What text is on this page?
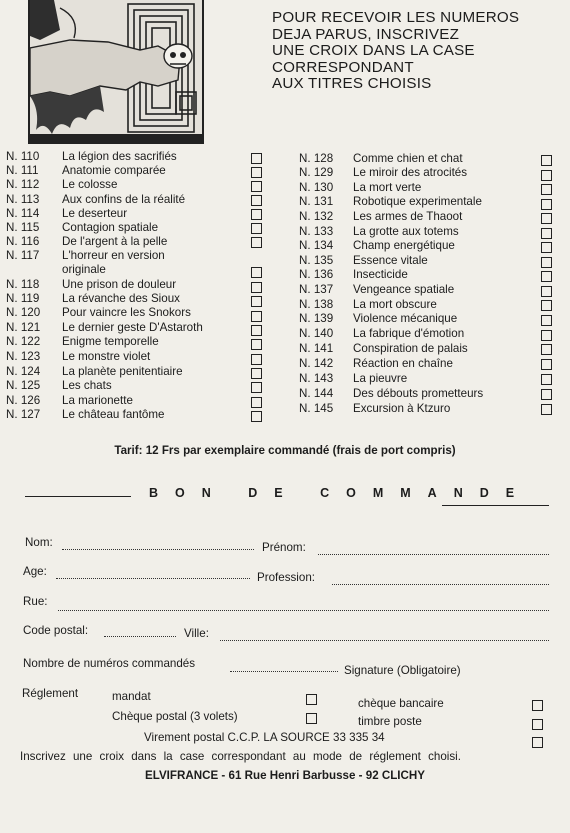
POUR RECEVOIR LES NUMEROS
DEJA PARUS, INSCRIVEZ
UNE CROIX DANS LA CASE
CORRESPONDANT
AUX TITRES CHOISIS
N. 110 La légion des sacrifiés
N. 111 Anatomie comparée
N. 112 Le colosse
N. 113 Aux confins de la réalité
N. 114 Le deserteur
N. 115 Contagion spatiale
N. 116 De l'argent à la pelle
N. 117 L'horreur en version
originale
N. 118 Une prison de douleur
N. 119 La révanche des Sioux
N. 120 Pour vaincre les Snokors
N. 121 Le dernier geste D'Astaroth
N. 122 Enigme temporelle
N. 123 Le monstre violet
N. 124 La planète penitentiaire
N. 125 Les chats
N. 126 La marionette
N. 127 Le château fantôme
N. 128 Comme chien et chat
N. 129 Le miroir des atrocités
N. 130 La mort verte
N. 131 Robotique experimentale
N. 132 Les armes de Thaoot
N. 133 La grotte aux totems
N. 134 Champ energétique
N. 135 Essence vitale
N. 136 Insecticide
N. 137 Vengeance spatiale
N. 138 La mort obscure
N. 139 Violence mécanique
N. 140 La fabrique d'émotion
N. 141 Conspiration de palais
N. 142 Réaction en chaîne
N. 143 La pieuvre
N. 144 Des débouts prometteurs
N. 145 Excursion à Ktzuro
Tarif: 12 Frs par exemplaire commandé (frais de port compris)
BON DE COMMANDE
Nom:	Prénom:
Age:	Profession:
Rue:
Code postal:	Ville:
Nombre de numéros commandés
Signature (Obligatoire)
Réglement	mandat
chèque bancaire
Chèque postal (3 volets)	timbre poste
Virement postal C.C.P. LA SOURCE 33 335 34
Inscrivez une croix dans la case correspondant au mode de réglement choisi.
ELVIFRANCE - 61 Rue Henri Barbusse - 92 CLICHY
